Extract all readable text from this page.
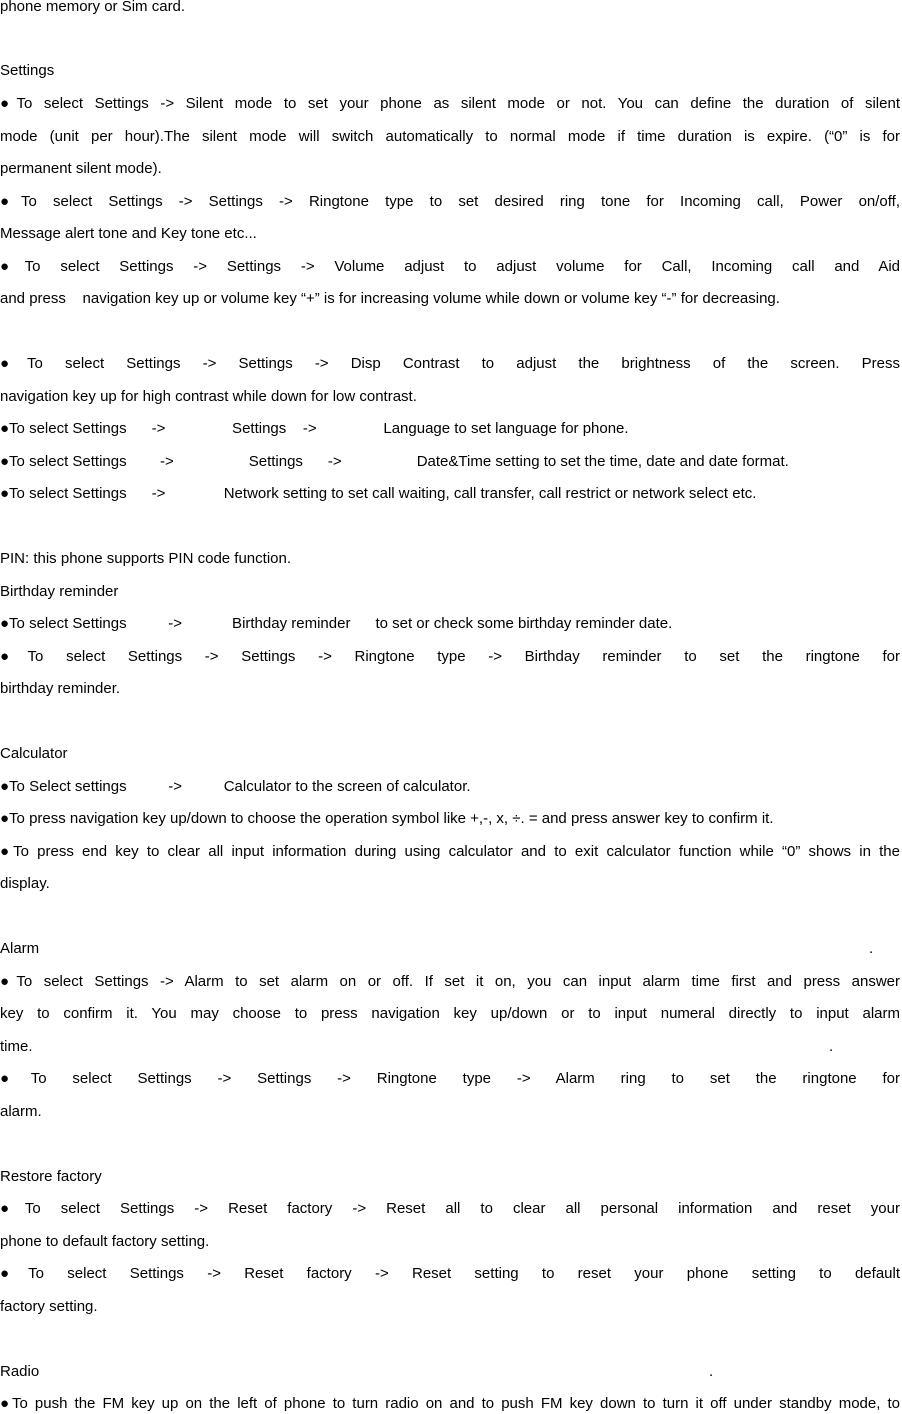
phone memory or Sim card.
Settings
●To select Settings -> Silent mode to set your phone as silent mode or not. You can define the duration of silent
mode (unit per hour).The silent mode will switch automatically to normal mode if time duration is expire. (“0” is for
permanent silent mode).
●To select Settings -> Settings -> Ringtone type to set desired ring tone for Incoming call, Power on/off,
Message alert tone and Key tone etc...
●To select Settings -> Settings -> Volume adjust to adjust volume for Call, Incoming call and Aid
and press    navigation key up or volume key “+” is for increasing volume while down or volume key “-” for decreasing.
●To select Settings -> Settings -> Disp Contrast to adjust the brightness of the screen. Press
navigation key up for high contrast while down for low contrast.
●To select Settings      ->                Settings    ->                Language to set language for phone.
●To select Settings        ->                  Settings      ->                  Date&Time setting to set the time, date and date format.
●To select Settings      ->              Network setting to set call waiting, call transfer, call restrict or network select etc.
PIN: this phone supports PIN code function.
Birthday reminder
●To select Settings          ->            Birthday reminder      to set or check some birthday reminder date.
●To select Settings -> Settings -> Ringtone type -> Birthday reminder to set the ringtone for
birthday reminder.
Calculator
●To Select settings          ->          Calculator to the screen of calculator.
●To press navigation key up/down to choose the operation symbol like +,-, x, ÷. = and press answer key to confirm it.
●To press end key to clear all input information during using calculator and to exit calculator function while “0” shows in the
display.
Alarm	.
●To select Settings -> Alarm to set alarm on or off. If set it on, you can input alarm time first and press answer
key to confirm it. You may choose to press navigation key up/down or to input numeral directly to input alarm
time.	.
●To select Settings -> Settings -> Ringtone type -> Alarm ring to set the ringtone for
alarm.
Restore factory
●To select Settings -> Reset factory -> Reset all to clear all personal information and reset your
phone to default factory setting.
●To select Settings -> Reset factory -> Reset setting to reset your phone setting to default
factory setting.
Radio	.
●To push the FM key up on the left of phone to turn radio on and to push FM key down to turn it off under standby mode, to
